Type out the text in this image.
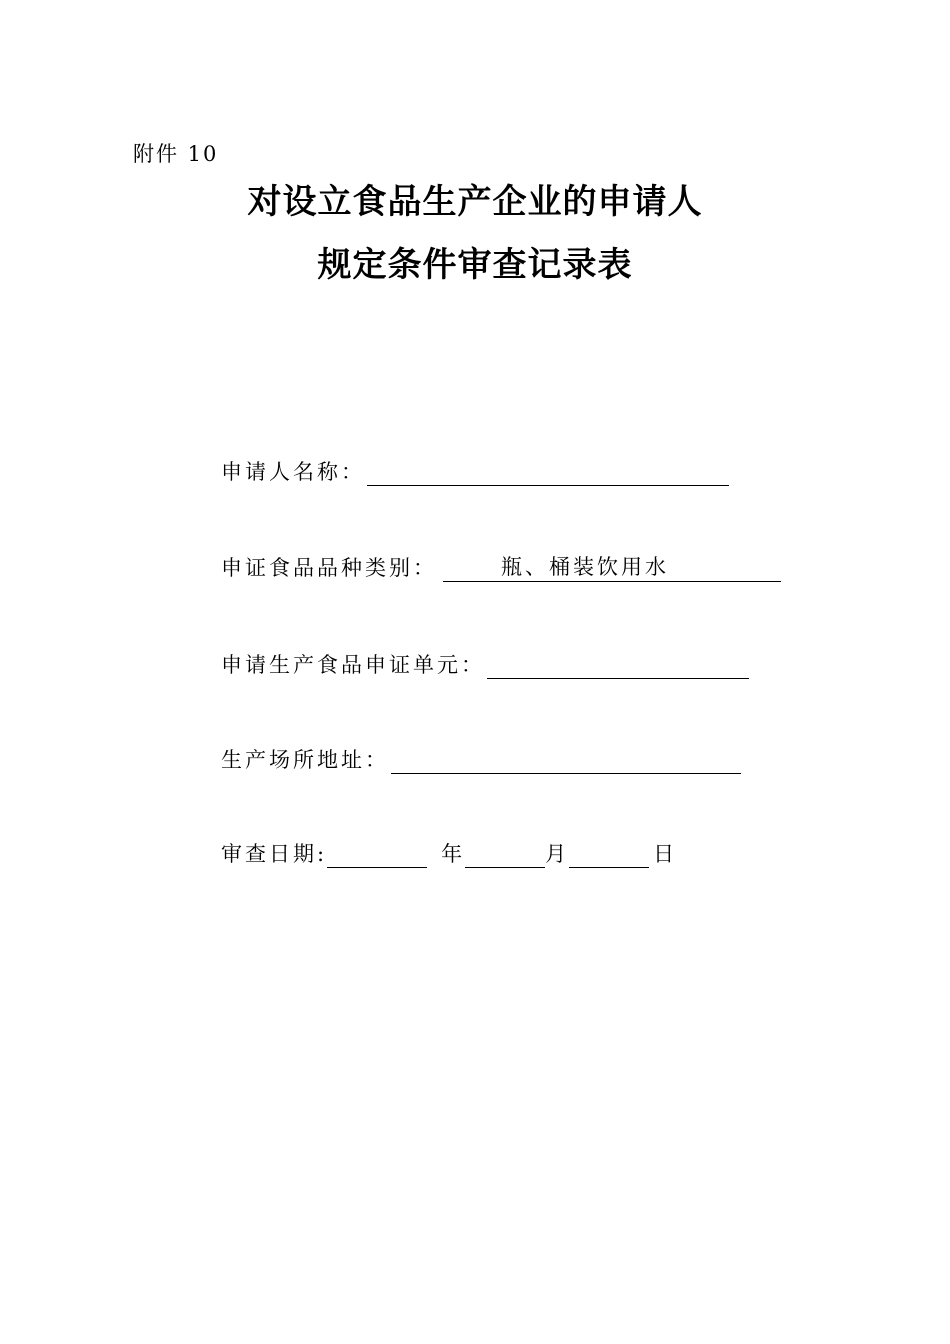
附件 10
对设立食品生产企业的申请人
规定条件审查记录表
申请人名称：
申证食品品种类别：	瓶、桶装饮用水
申请生产食品申证单元：
生产场所地址：
审查日期:	年	月	日
